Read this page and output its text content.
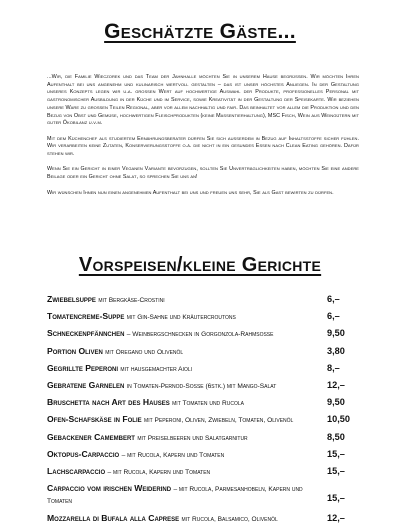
Geschätzte Gäste...

...Wir, die Familie Wieczorek und das Team der Jahnhalle möchten Sie in unserem Hause begrüssen. Wir möchten Ihren Aufenthalt bei uns angenehm und kulinarisch wertvoll gestalten – das ist unser höchstes Anliegen. In der Gestaltung unseres Konzepts legen wir u.a. grossen Wert auf hochwertige Auswahl der Produkte, professionelles Personal mit gastronomischer Ausbildung in der Küche und im Service, sowie Kreativität in der Gestaltung der Speisekarte. Wir beziehen unsere Ware zu grossen Teilen Regional, aber vor allem nachhaltig und fair. Das beinhaltet vor allem die Produktion und den Bezug von Obst und Gemüse, hochwertigen Fleischprodukten (keine Massentierhaltung), MSC Fisch, Wein aus Weingütern mit guter Ökobilanz u.v.m.

Mit dem Küchenchef als studiertem Ernährungsberater dürfen Sie sich ausserdem in Bezug auf Inhaltsstoffe sicher fühlen. Wir verarbeiten keine Zutaten, Konservierungsstoffe o.ä. die nicht in ein gesundes Essen nach Clean Eating gehören. Dafür stehen wir.

Wenn Sie ein Gericht in einer Veganen Variante bevorzugen, sollten Sie Unverträglichkeiten haben, möchten Sie eine andere Beilage oder ein Gericht ohne Salat, so sprechen Sie uns an!

Wir wünschen Ihnen nun einen angenehmen Aufenthalt bei uns und freuen uns sehr, Sie als Gast bewirten zu dürfen.

Vorspeisen/kleine Gerichte
Zwiebelsuppe mit Bergkäse-Crostini	6,–
Tomatencreme-Suppe mit Gin-Sahne und Kräutercroutons	6,–
Schneckenpfännchen – Weinbergschnecken in Gorgonzola-Rahmsoße	9,50
Portion Oliven mit Oregano und Olivenöl	3,80
Gegrillte Peperoni mit hausgemachter Aioli	8,–
Gebratene Garnelen in Tomaten-Pernod-Soße (6stk.) mit Mango-Salat	12,–
Bruschetta nach Art des Hauses mit Tomaten und Rucola	9,50
Ofen-Schafskäse in Folie mit Peperoni, Oliven, Zwiebeln, Tomaten, Olivenöl	10,50
Gebackener Camembert mit Preiselbeeren und Salatgarnitur	8,50
Oktopus-Carpaccio – mit Rucola, Kapern und Tomaten	15,–
Lachscarpaccio – mit Rucola, Kapern und Tomaten	15,–
Carpaccio vom irischen Weiderind – mit Rucola, Parmesanhobeln, Kapern und Tomaten	15,–
Mozzarella di Bufala alla Caprese mit Rucola, Balsamico, Olivenöl	12,–
